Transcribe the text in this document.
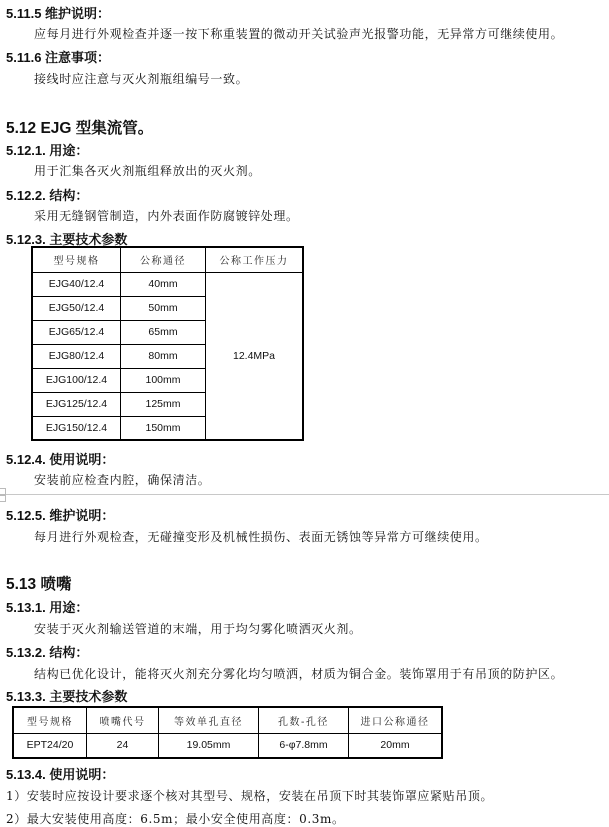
5.11.5 维护说明：
应每月进行外观检查并逐一按下称重装置的微动开关试验声光报警功能，无异常方可继续使用。
5.11.6 注意事项：
接线时应注意与灭火剂瓶组编号一致。
5.12 EJG 型集流管。
5.12.1. 用途：
用于汇集各灭火剂瓶组释放出的灭火剂。
5.12.2. 结构：
采用无缝钢管制造，内外表面作防腐镀锌处理。
5.12.3. 主要技术参数
型号规格	公称通径	公称工作压力
EJG40/12.4	40mm	12.4MPa
EJG50/12.4	50mm	
EJG65/12.4	65mm	
EJG80/12.4	80mm	
EJG100/12.4	100mm	
EJG125/12.4	125mm	
EJG150/12.4	150mm	
5.12.4. 使用说明：
安装前应检查内腔，确保清洁。
5.12.5. 维护说明：
每月进行外观检查，无碰撞变形及机械性损伤、表面无锈蚀等异常方可继续使用。
5.13 喷嘴
5.13.1. 用途：
安装于灭火剂输送管道的末端，用于均匀雾化喷洒灭火剂。
5.13.2. 结构：
结构已优化设计，能将灭火剂充分雾化均匀喷洒，材质为铜合金。装饰罩用于有吊顶的防护区。
5.13.3. 主要技术参数
型号规格	喷嘴代号	等效单孔直径	孔数-孔径	进口公称通径
EPT24/20	24	19.05mm	6-φ7.8mm	20mm
5.13.4. 使用说明：
1）安装时应按设计要求逐个核对其型号、规格，安装在吊顶下时其装饰罩应紧贴吊顶。
2）最大安装使用高度：6.5m；最小安全使用高度：0.3m。
